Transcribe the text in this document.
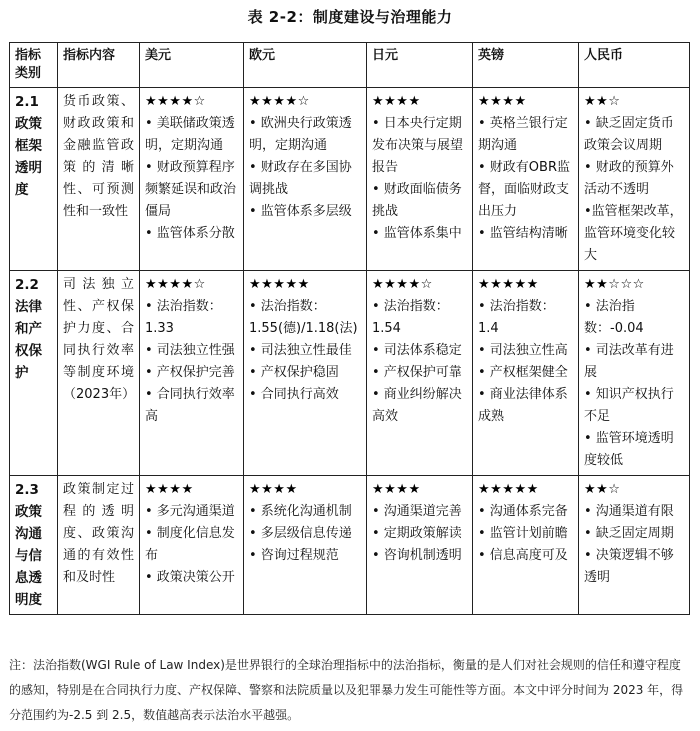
表 2-2：制度建设与治理能力
指标类别	指标内容	美元	欧元	日元	英镑	人民币
2.1 政策框架透明度	货币政策、财政政策和金融监管政策的清晰性、可预测性和一致性	★★★★☆
• 美联储政策透明，定期沟通
• 财政预算程序频繁延误和政治僵局
• 监管体系分散	★★★★☆
• 欧洲央行政策透明，定期沟通
• 财政存在多国协调挑战
• 监管体系多层级	★★★★
• 日本央行定期发布决策与展望报告
• 财政面临债务挑战
• 监管体系集中	★★★★
• 英格兰银行定期沟通
• 财政有OBR监督，面临财政支出压力
• 监管结构清晰	★★☆
• 缺乏固定货币政策会议周期
• 财政的预算外活动不透明
•监管框架改革，监管环境变化较大

2.2 法律和产权保护	司法独立性、产权保护力度、合同执行效率等制度环境（2023年）	★★★★☆
• 法治指数：1.33
• 司法独立性强
• 产权保护完善
• 合同执行效率高	★★★★★
• 法治指数：1.55(德)/1.18(法)
• 司法独立性最佳
• 产权保护稳固
• 合同执行高效	★★★★☆
• 法治指数：1.54
• 司法体系稳定
• 产权保护可靠
• 商业纠纷解决高效	★★★★★
• 法治指数：1.4
• 司法独立性高
• 产权框架健全
• 商业法律体系成熟	★★☆☆☆
• 法治指数：-0.04
• 司法改革有进展
• 知识产权执行不足
• 监管环境透明度较低

2.3 政策沟通与信息透明度	政策制定过程的透明度、政策沟通的有效性和及时性	★★★★
• 多元沟通渠道
• 制度化信息发布
• 政策决策公开	★★★★
• 系统化沟通机制
• 多层级信息传递
• 咨询过程规范	★★★★
• 沟通渠道完善
• 定期政策解读
• 咨询机制透明	★★★★★
• 沟通体系完备
• 监管计划前瞻
• 信息高度可及	★★☆
• 沟通渠道有限
• 缺乏固定周期
• 决策逻辑不够透明
注：法治指数(WGI Rule of Law Index)是世界银行的全球治理指标中的法治指标，衡量的是人们对社会规则的信任和遵守程度的感知，特别是在合同执行力度、产权保障、警察和法院质量以及犯罪暴力发生可能性等方面。本文中评分时间为 2023 年，得分范围约为-2.5 到 2.5，数值越高表示法治水平越强。
